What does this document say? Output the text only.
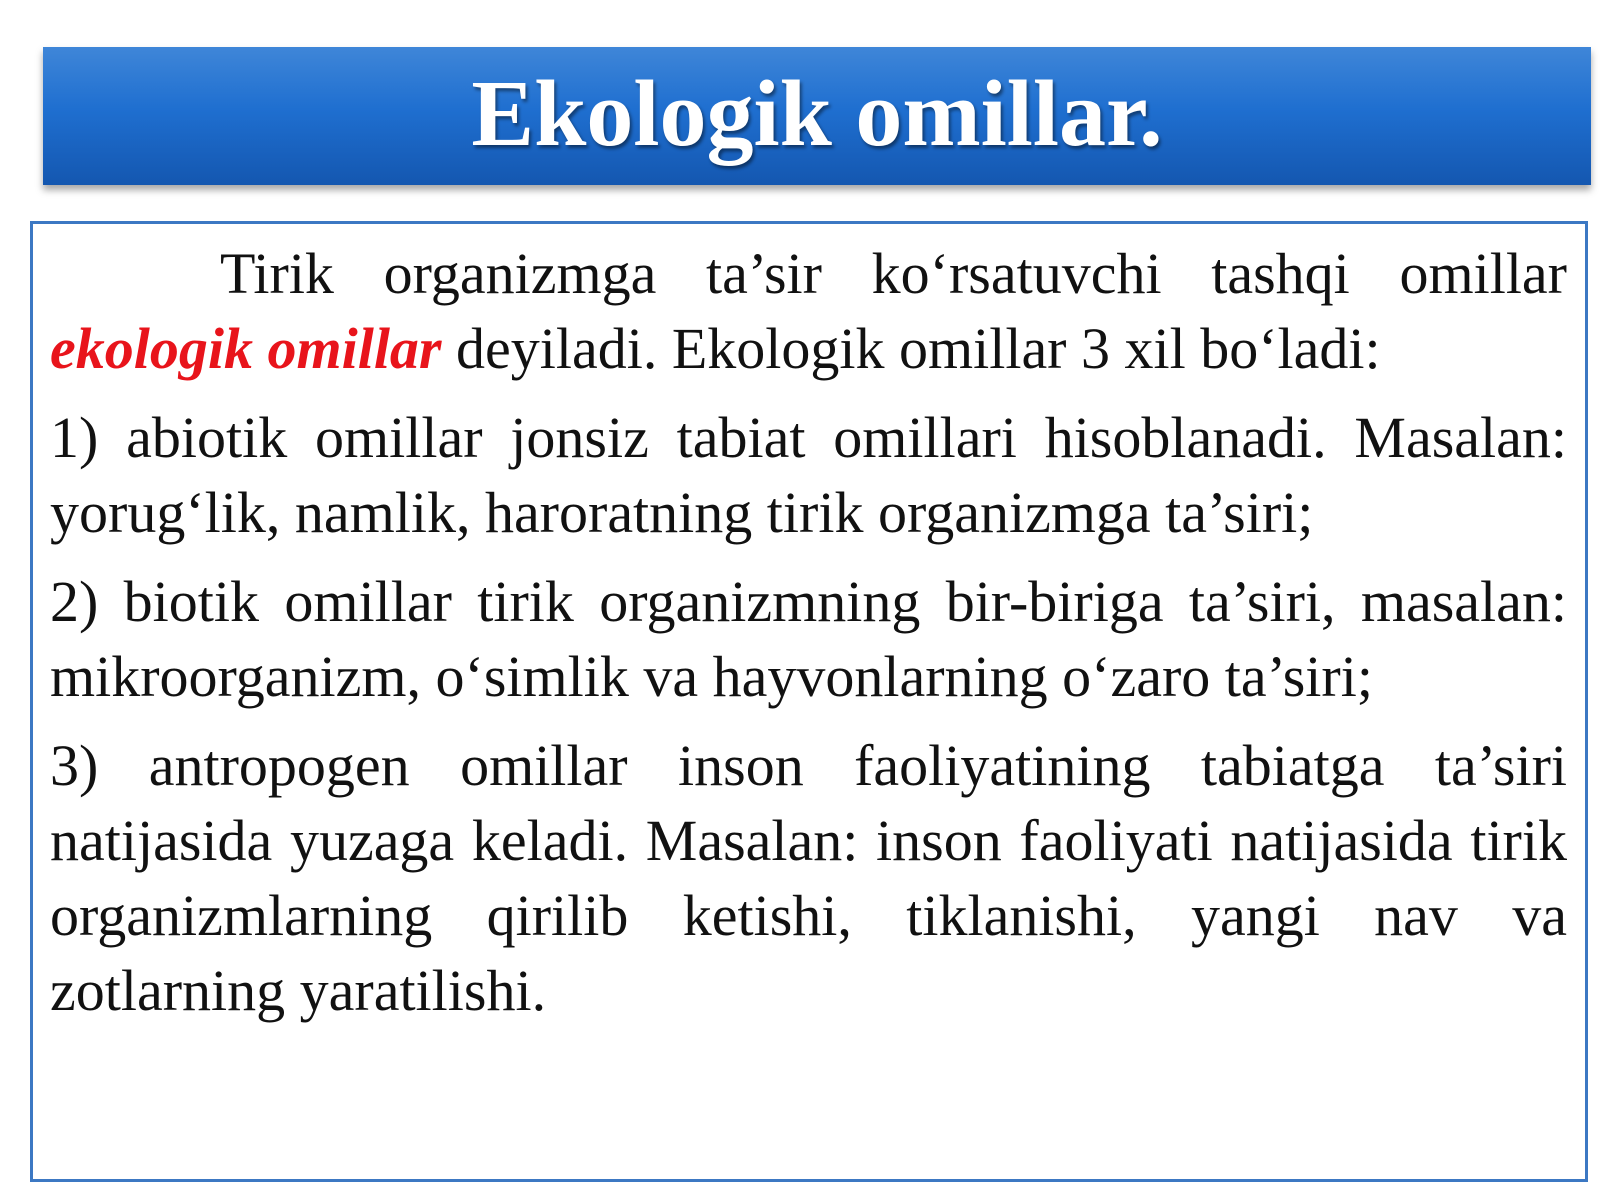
Ekologik omillar.

Tirik organizmga ta’sir ko‘rsatuvchi tashqi omillar ekologik omillar deyiladi. Ekologik omillar 3 xil bo‘ladi:

1) abiotik omillar jonsiz tabiat omillari hisoblanadi. Masalan: yorug‘lik, namlik, haroratning tirik organizmga ta’siri;

2) biotik omillar tirik organizmning bir-biriga ta’siri, masalan: mikroorganizm, o‘simlik va hayvonlarning o‘zaro ta’siri;

3) antropogen omillar inson faoliyatining tabiatga ta’siri natijasida yuzaga keladi. Masalan: inson faoliyati natijasida tirik organizmlarning qirilib ketishi, tiklanishi, yangi nav va zotlarning yaratilishi.
